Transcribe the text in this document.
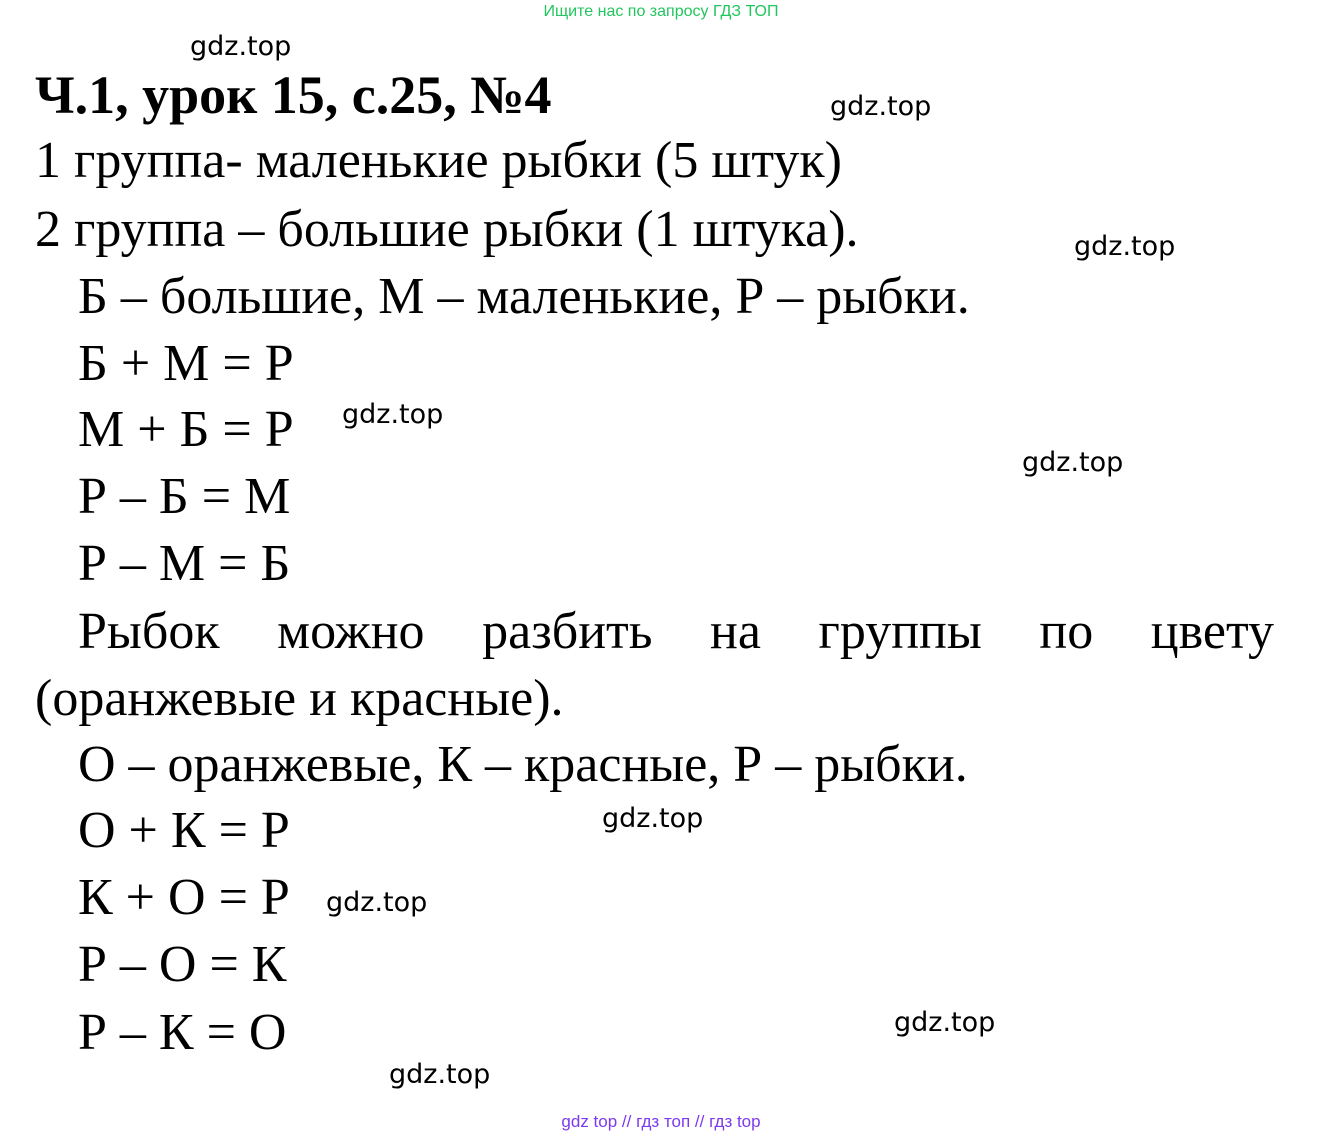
Ищите нас по запросу ГДЗ ТОП
gdz.top
Ч.1, урок 15, с.25, №4	gdz.top
1 группа- маленькие рыбки (5 штук)
2 группа – большие рыбки (1 штука).	gdz.top
Б – большие, М – маленькие, Р – рыбки.
Б + М = Р
М + Б = Р gdz.top
gdz.top
Р – Б = М
Р – М = Б
Рыбок можно разбить на группы по цвету
(оранжевые и красные).
О – оранжевые, К – красные, Р – рыбки.
О + К = Р	gdz.top
К + О = Р gdz.top
Р – О = К
gdz.top
Р – К = О
gdz.top
gdz top // гдз топ // гдз top
